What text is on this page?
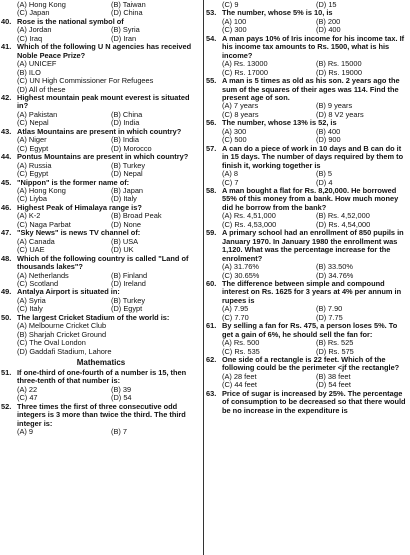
(A) Hong Kong	(B) Taiwan
(C) Japan	(D) China
40. Rose is the national symbol of
(A) Jordan	(B) Syria
(C) Iraq	(D) Iran
41. Which of the following U N agencies has received Noble Peace Prize?
(A) UNICEF
(B) ILO
(C) UN High Commissioner For Refugees
(D) All of these
42. Highest mountain peak mount everest is situated in?
(A) Pakistan	(B) China
(C) Nepal	(D) India
43. Atlas Mountains are present in which country?
(A) Niger	(B) India
(C) Egypt	(D) Morocco
44. Pontus Mountains are present in which country?
(A) Russia	(B) Turkey
(C) Egypt	(D) Nepal
45. "Nippon" is the former name of:
(A) Hong Kong	(B) Japan
(C) Liyba	(D) Italy
46. Highest Peak of Himalaya range is?
(A) K-2	(B) Broad Peak
(C) Naga Parbat	(D) None
47. "Sky News" is news TV channel of:
(A) Canada	(B) USA
(C) UAE	(D) UK
48. Which of the following country is called "Land of thousands lakes"?
(A) Netherlands	(B) Finland
(C) Scotland	(D) Ireland
49. Antalya Airport is situated in:
(A) Syria	(B) Turkey
(C) Italy	(D) Egypt
50. The largest Cricket Stadium of the world is:
(A) Melbourne Cricket Club
(B) Sharjah Cricket Ground
(C) The Oval London
(D) Gaddafi Stadium, Lahore
Mathematics
51. If one-third of one-fourth of a number is 15, then three-tenth of that number is:
(A) 22	(B) 39
(C) 47	(D) 54
52. Three times the first of three consecutive odd integers is 3 more than twice the third. The third integer is:
(A) 9	(B) 7
(C) 9	(D) 15
53. The number, whose 5% is 10, is
(A) 100	(B) 200
(C) 300	(D) 400
54. A man pays 10% of Iris income for his income tax. If his income tax amounts to Rs. 1500, what is his income?
(A) Rs. 13000	(B) Rs. 15000
(C) Rs. 17000	(D) Rs. 19000
55. A man is 5 times as old as his son. 2 years ago the sum of the squares of their ages was 114. Find the present age of son.
(A) 7 years	(B) 9 years
(C) 8 years	(D) 8 V2 years
56. The number, whose 13% is 52, is
(A) 300	(B) 400
(C) 500	(D) 900
57. A can do a piece of work in 10 days and B can do it in 15 days. The number of days required by them to finish it, working together is
(A) 8	(B) 5
(C) 7	(D) 4
58. A man bought a flat for Rs. 8,20,000. He borrowed 55% of this money from a bank. How much money did he borrow from the bank?
(A) Rs. 4,51,000	(B) Rs. 4,52,000
(C) Rs. 4,53,000	(D) Rs. 4,54,000
59. A primary school had an enrollment of 850 pupils in January 1970. In January 1980 the enrollment was 1,120. What was the percentage increase for the enrolment?
(A) 31.76%	(B) 33.50%
(C) 30.65%	(D) 34.76%
60. The difference between simple and compound interest on Rs. 1625 for 3 years at 4% per annum in rupees is
(A) 7.95	(B) 7.90
(C) 7.70	(D) 7.75
61. By selling a fan for Rs. 475, a person loses 5%. To get a gain of 6%, he should sell the fan for:
(A) Rs. 500	(B) Rs. 525
(C) Rs. 535	(D) Rs. 575
62. One side of a rectangle is 22 feet. Which of the following could be the perimeter <jf the rectangle?
(A) 28 feet	(B) 38 feet
(C) 44 feet	(D) 54 feet
63. Price of sugar is increased by 25%. The percentage of consumption to be decreased so that there would be no increase in the expenditure is
